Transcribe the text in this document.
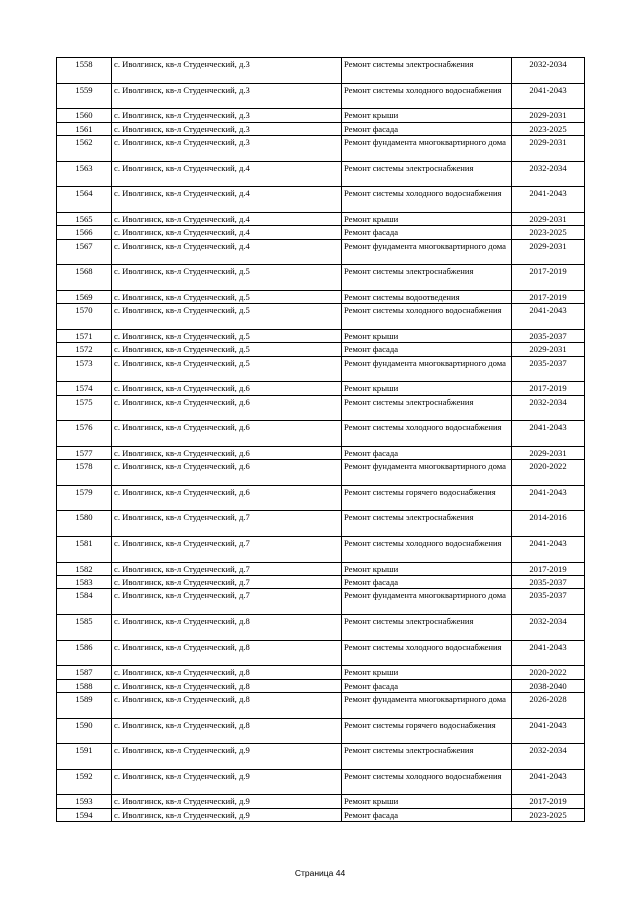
1558	с. Иволгинск, кв-л Студенческий, д.3	Ремонт системы электроснабжения	2032-2034
1559	с. Иволгинск, кв-л Студенческий, д.3	Ремонт системы холодного водоснабжения	2041-2043
1560	с. Иволгинск, кв-л Студенческий, д.3	Ремонт крыши	2029-2031
1561	с. Иволгинск, кв-л Студенческий, д.3	Ремонт фасада	2023-2025
1562	с. Иволгинск, кв-л Студенческий, д.3	Ремонт фундамента многоквартирного дома	2029-2031
1563	с. Иволгинск, кв-л Студенческий, д.4	Ремонт системы электроснабжения	2032-2034
1564	с. Иволгинск, кв-л Студенческий, д.4	Ремонт системы холодного водоснабжения	2041-2043
1565	с. Иволгинск, кв-л Студенческий, д.4	Ремонт крыши	2029-2031
1566	с. Иволгинск, кв-л Студенческий, д.4	Ремонт фасада	2023-2025
1567	с. Иволгинск, кв-л Студенческий, д.4	Ремонт фундамента многоквартирного дома	2029-2031
1568	с. Иволгинск, кв-л Студенческий, д.5	Ремонт системы электроснабжения	2017-2019
1569	с. Иволгинск, кв-л Студенческий, д.5	Ремонт системы водоотведения	2017-2019
1570	с. Иволгинск, кв-л Студенческий, д.5	Ремонт системы холодного водоснабжения	2041-2043
1571	с. Иволгинск, кв-л Студенческий, д.5	Ремонт крыши	2035-2037
1572	с. Иволгинск, кв-л Студенческий, д.5	Ремонт фасада	2029-2031
1573	с. Иволгинск, кв-л Студенческий, д.5	Ремонт фундамента многоквартирного дома	2035-2037
1574	с. Иволгинск, кв-л Студенческий, д.6	Ремонт крыши	2017-2019
1575	с. Иволгинск, кв-л Студенческий, д.6	Ремонт системы электроснабжения	2032-2034
1576	с. Иволгинск, кв-л Студенческий, д.6	Ремонт системы холодного водоснабжения	2041-2043
1577	с. Иволгинск, кв-л Студенческий, д.6	Ремонт фасада	2029-2031
1578	с. Иволгинск, кв-л Студенческий, д.6	Ремонт фундамента многоквартирного дома	2020-2022
1579	с. Иволгинск, кв-л Студенческий, д.6	Ремонт системы горячего водоснабжения	2041-2043
1580	с. Иволгинск, кв-л Студенческий, д.7	Ремонт системы электроснабжения	2014-2016
1581	с. Иволгинск, кв-л Студенческий, д.7	Ремонт системы холодного водоснабжения	2041-2043
1582	с. Иволгинск, кв-л Студенческий, д.7	Ремонт крыши	2017-2019
1583	с. Иволгинск, кв-л Студенческий, д.7	Ремонт фасада	2035-2037
1584	с. Иволгинск, кв-л Студенческий, д.7	Ремонт фундамента многоквартирного дома	2035-2037
1585	с. Иволгинск, кв-л Студенческий, д.8	Ремонт системы электроснабжения	2032-2034
1586	с. Иволгинск, кв-л Студенческий, д.8	Ремонт системы холодного водоснабжения	2041-2043
1587	с. Иволгинск, кв-л Студенческий, д.8	Ремонт крыши	2020-2022
1588	с. Иволгинск, кв-л Студенческий, д.8	Ремонт фасада	2038-2040
1589	с. Иволгинск, кв-л Студенческий, д.8	Ремонт фундамента многоквартирного дома	2026-2028
1590	с. Иволгинск, кв-л Студенческий, д.8	Ремонт системы горячего водоснабжения	2041-2043
1591	с. Иволгинск, кв-л Студенческий, д.9	Ремонт системы электроснабжения	2032-2034
1592	с. Иволгинск, кв-л Студенческий, д.9	Ремонт системы холодного водоснабжения	2041-2043
1593	с. Иволгинск, кв-л Студенческий, д.9	Ремонт крыши	2017-2019
1594	с. Иволгинск, кв-л Студенческий, д.9	Ремонт фасада	2023-2025
Страница 44
